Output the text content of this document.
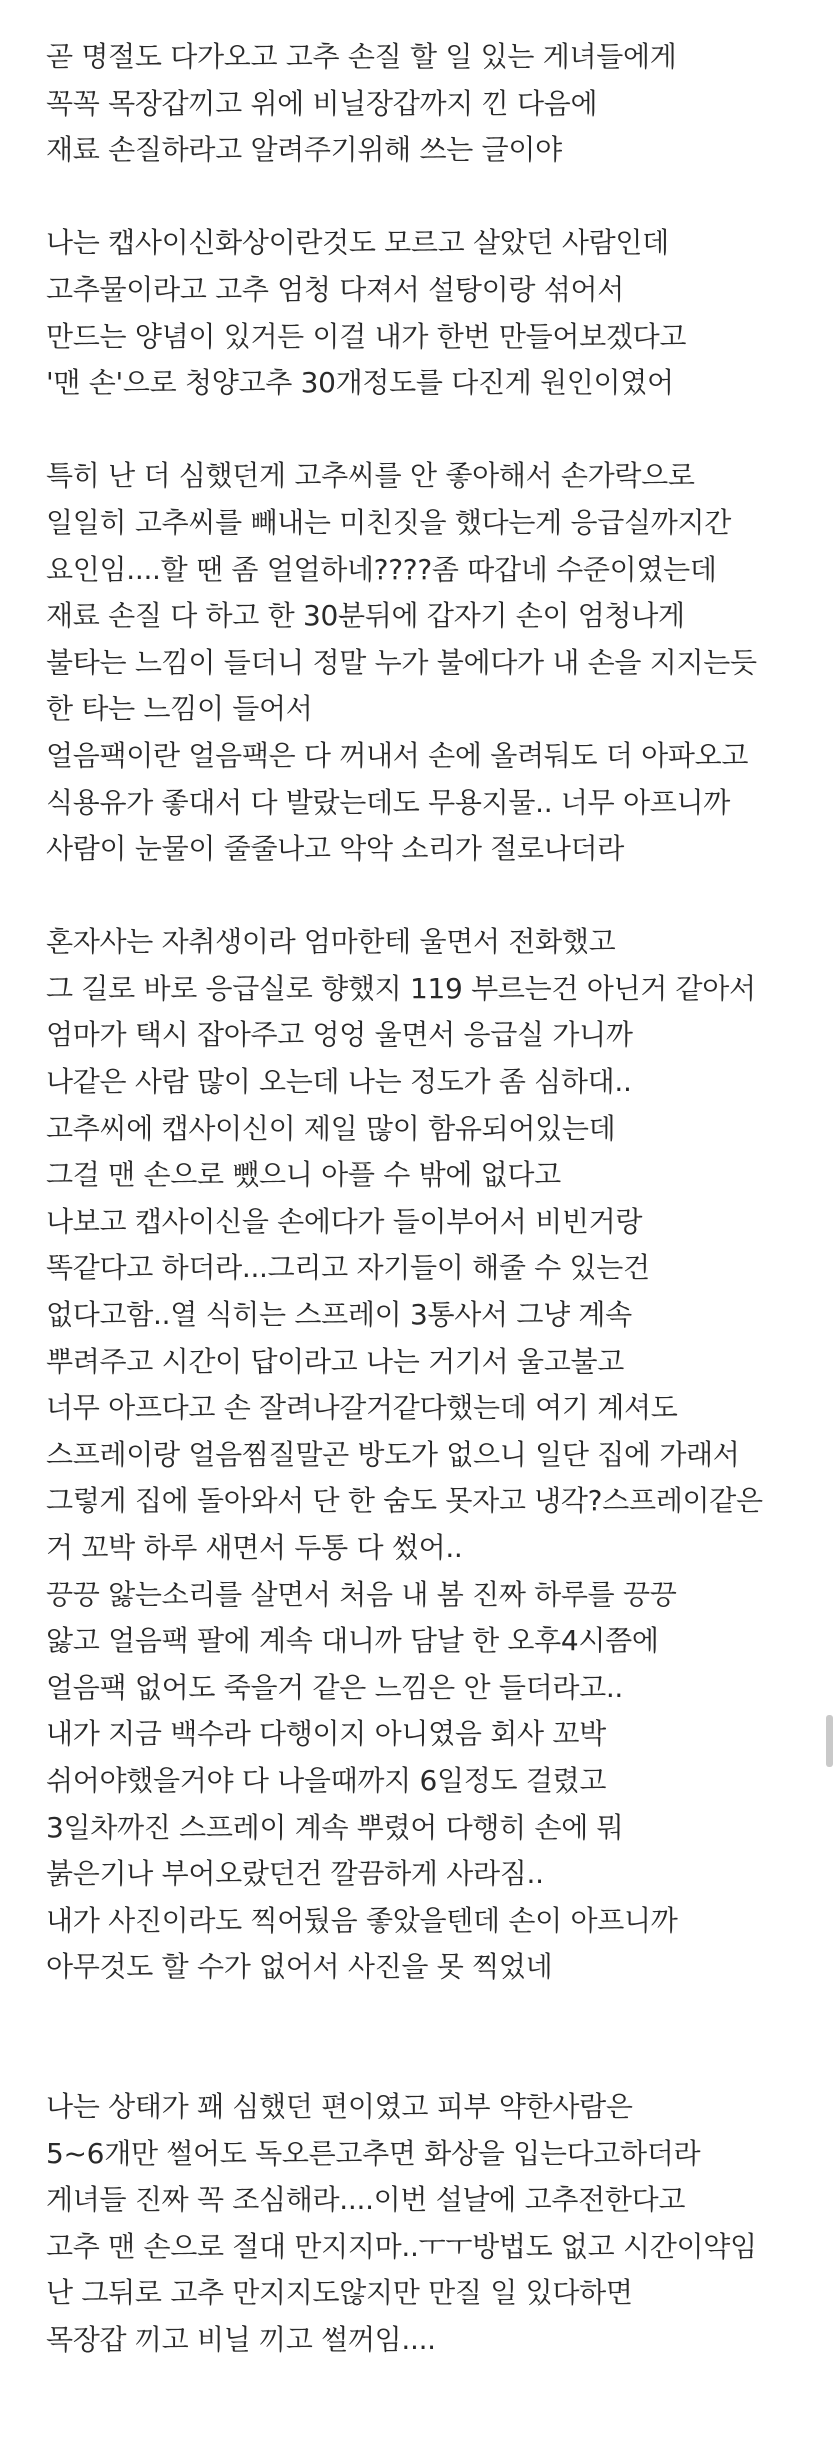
곧 명절도 다가오고 고추 손질 할 일 있는 게녀들에게
꼭꼭 목장갑끼고 위에 비닐장갑까지 낀 다음에
재료 손질하라고 알려주기위해 쓰는 글이야
나는 캡사이신화상이란것도 모르고 살았던 사람인데
고추물이라고 고추 엄청 다져서 설탕이랑 섞어서
만드는 양념이 있거든 이걸 내가 한번 만들어보겠다고
'맨 손'으로 청양고추 30개정도를 다진게 원인이였어
특히 난 더 심했던게 고추씨를 안 좋아해서 손가락으로
일일히 고추씨를 빼내는 미친짓을 했다는게 응급실까지간
요인임....할 땐 좀 얼얼하네????좀 따갑네 수준이였는데
재료 손질 다 하고 한 30분뒤에 갑자기 손이 엄청나게
불타는 느낌이 들더니 정말 누가 불에다가 내 손을 지지는듯
한 타는 느낌이 들어서
얼음팩이란 얼음팩은 다 꺼내서 손에 올려둬도 더 아파오고
식용유가 좋대서 다 발랐는데도 무용지물.. 너무 아프니까
사람이 눈물이 줄줄나고 악악 소리가 절로나더라
혼자사는 자취생이라 엄마한테 울면서 전화했고
그 길로 바로 응급실로 향했지 119 부르는건 아닌거 같아서
엄마가 택시 잡아주고 엉엉 울면서 응급실 가니까
나같은 사람 많이 오는데 나는 정도가 좀 심하대..
고추씨에 캡사이신이 제일 많이 함유되어있는데
그걸 맨 손으로 뺐으니 아플 수 밖에 없다고
나보고 캡사이신을 손에다가 들이부어서 비빈거랑
똑같다고 하더라...그리고 자기들이 해줄 수 있는건
없다고함..열 식히는 스프레이 3통사서 그냥 계속
뿌려주고 시간이 답이라고 나는 거기서 울고불고
너무 아프다고 손 잘려나갈거같다했는데 여기 계셔도
스프레이랑 얼음찜질말곤 방도가 없으니 일단 집에 가래서
그렇게 집에 돌아와서 단 한 숨도 못자고 냉각?스프레이같은
거 꼬박 하루 새면서 두통 다 썼어..
끙끙 앓는소리를 살면서 처음 내 봄 진짜 하루를 끙끙
앓고 얼음팩 팔에 계속 대니까 담날 한 오후4시쯤에
얼음팩 없어도 죽을거 같은 느낌은 안 들더라고..
내가 지금 백수라 다행이지 아니였음 회사 꼬박
쉬어야했을거야 다 나을때까지 6일정도 걸렸고
3일차까진 스프레이 계속 뿌렸어 다행히 손에 뭐
붉은기나 부어오랐던건 깔끔하게 사라짐..
내가 사진이라도 찍어뒀음 좋았을텐데 손이 아프니까
아무것도 할 수가 없어서 사진을 못 찍었네
나는 상태가 꽤 심했던 편이였고 피부 약한사람은
5~6개만 썰어도 독오른고추면 화상을 입는다고하더라
게녀들 진짜 꼭 조심해라....이번 설날에 고추전한다고
고추 맨 손으로 절대 만지지마..ㅜㅜ방법도 없고 시간이약임
난 그뒤로 고추 만지지도않지만 만질 일 있다하면
목장갑 끼고 비닐 끼고 썰꺼임....
